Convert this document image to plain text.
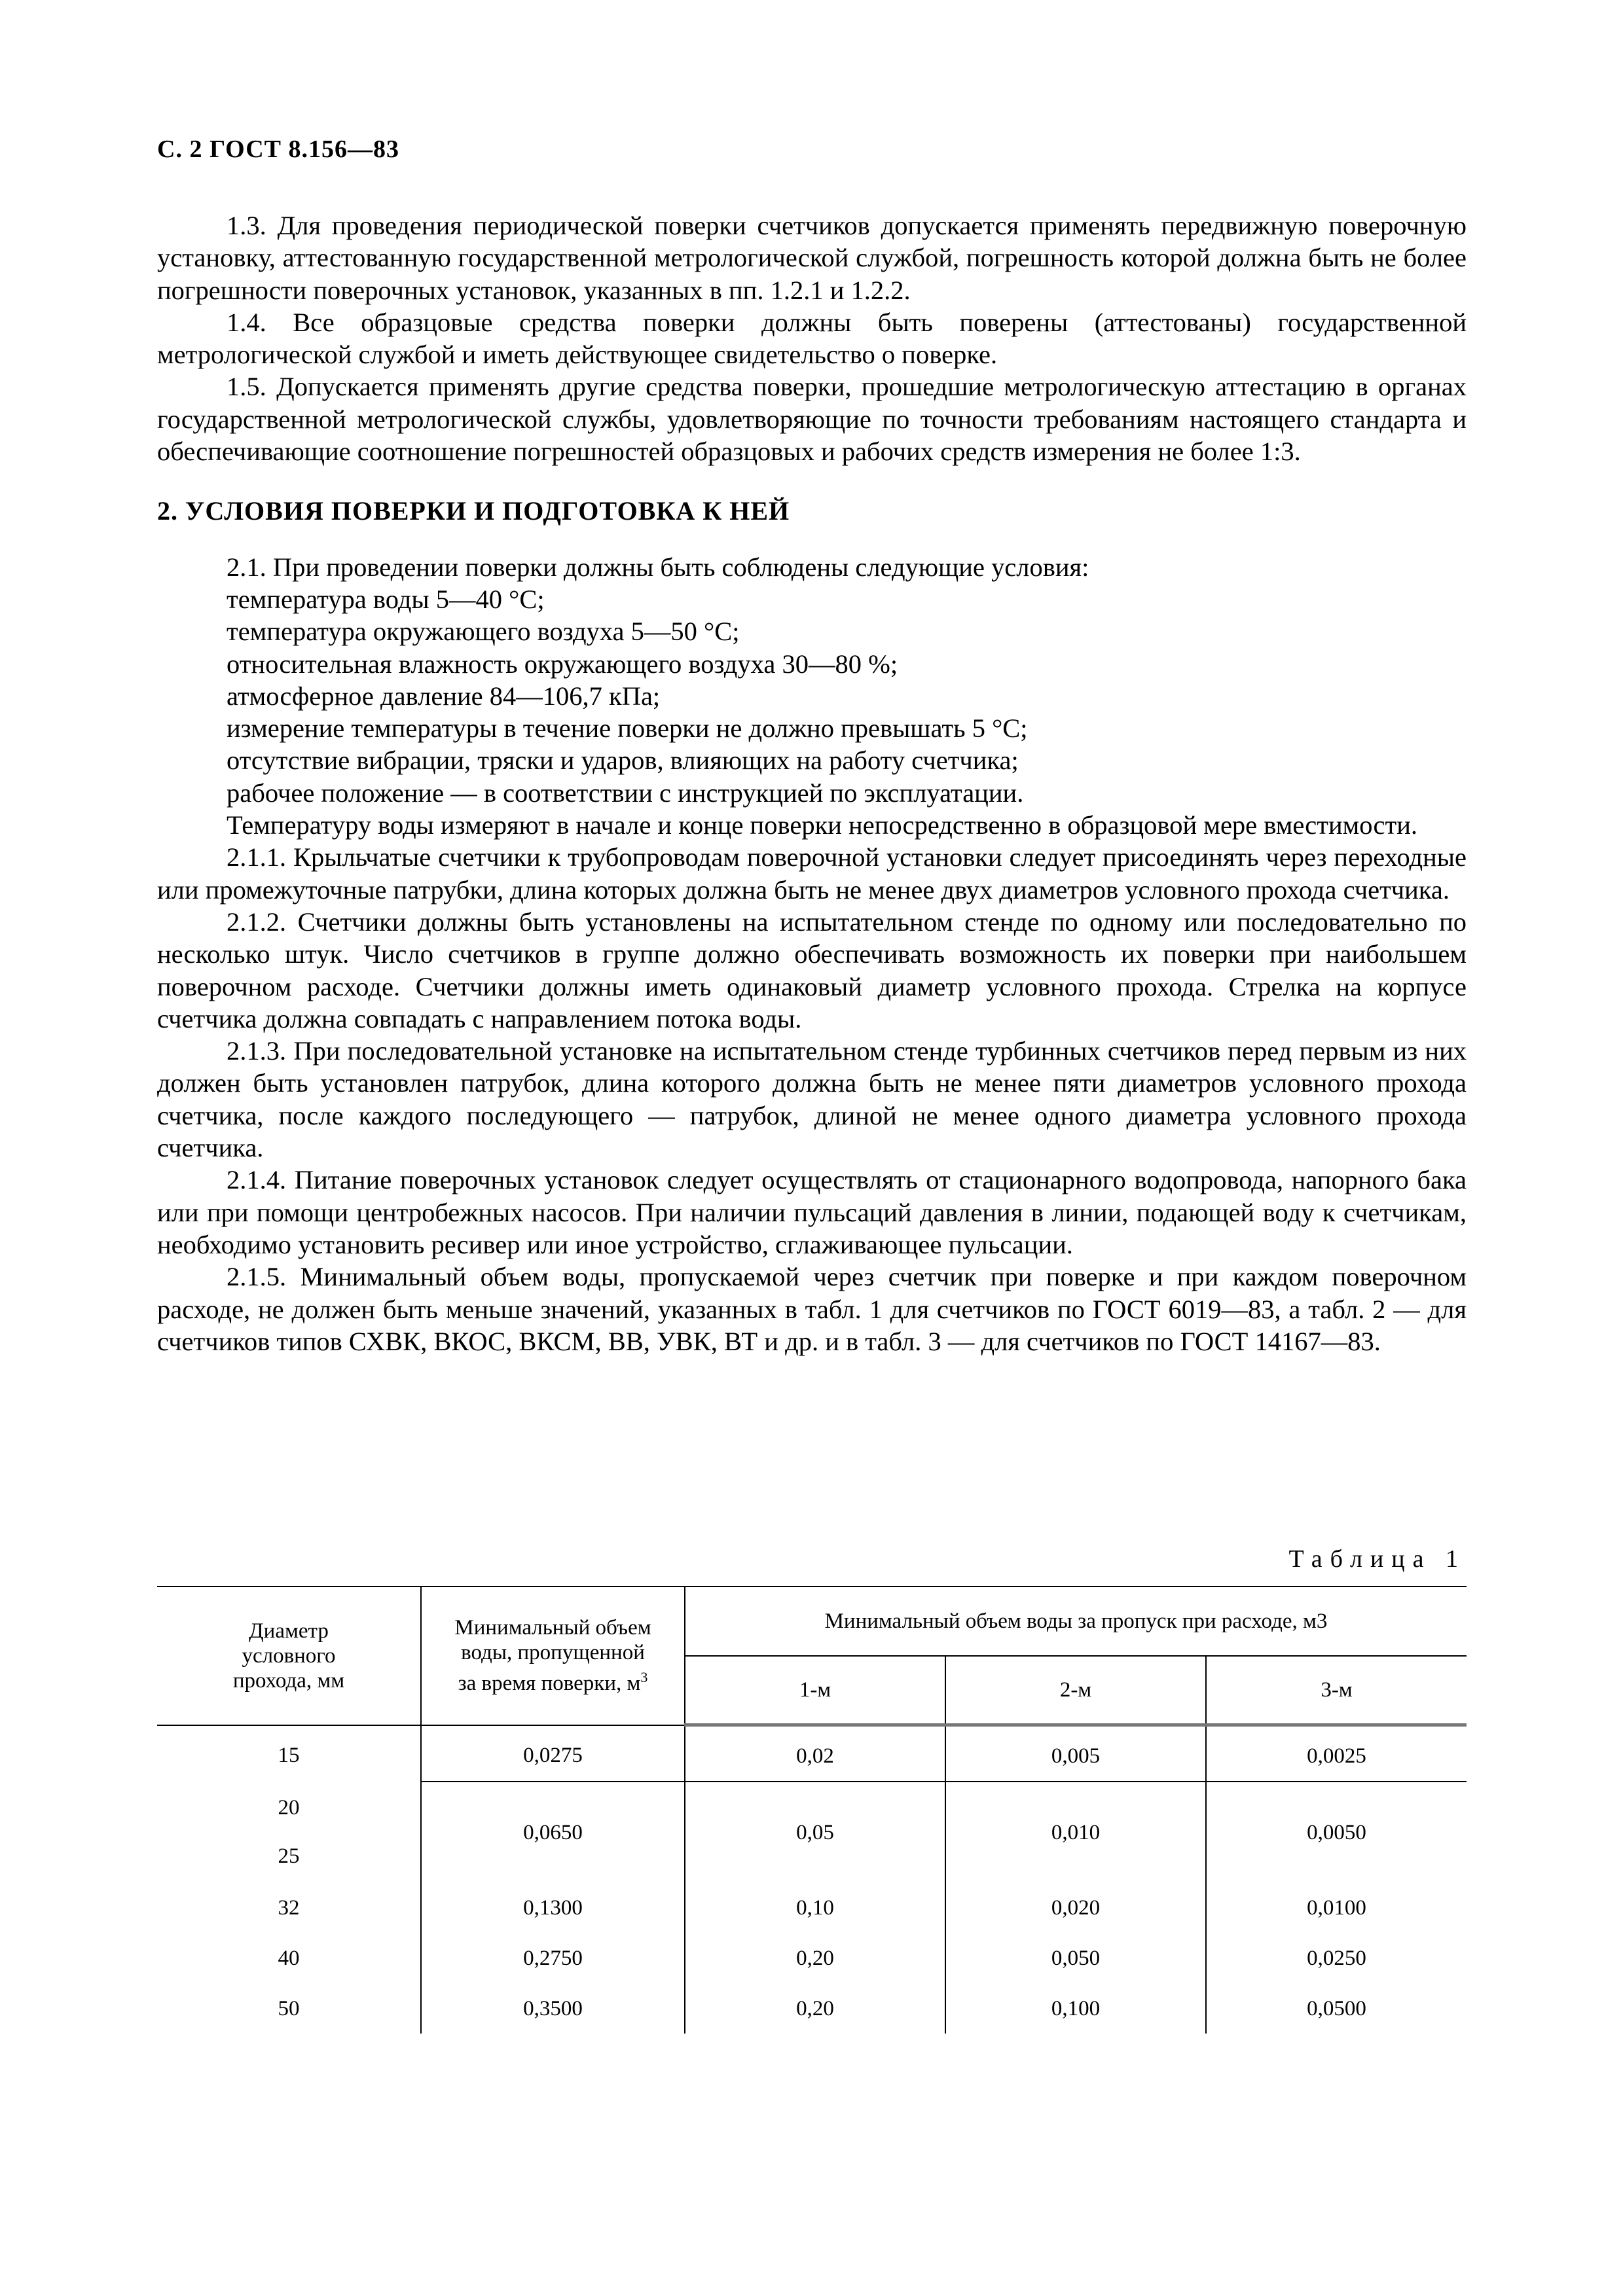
С. 2 ГОСТ 8.156—83

1.3. Для проведения периодической поверки счетчиков допускается применять передвижную поверочную установку, аттестованную государственной метрологической службой, погрешность которой должна быть не более погрешности поверочных установок, указанных в пп. 1.2.1 и 1.2.2.

1.4. Все образцовые средства поверки должны быть поверены (аттестованы) государственной метрологической службой и иметь действующее свидетельство о поверке.

1.5. Допускается применять другие средства поверки, прошедшие метрологическую аттестацию в органах государственной метрологической службы, удовлетворяющие по точности требованиям настоящего стандарта и обеспечивающие соотношение погрешностей образцовых и рабочих средств измерения не более 1:3.

2. УСЛОВИЯ ПОВЕРКИ И ПОДГОТОВКА К НЕЙ

2.1. При проведении поверки должны быть соблюдены следующие условия:

температура воды 5—40 °С;

температура окружающего воздуха 5—50 °С;

относительная влажность окружающего воздуха 30—80 %;

атмосферное давление 84—106,7 кПа;

измерение температуры в течение поверки не должно превышать 5 °С;

отсутствие вибрации, тряски и ударов, влияющих на работу счетчика;

рабочее положение — в соответствии с инструкцией по эксплуатации.

Температуру воды измеряют в начале и конце поверки непосредственно в образцовой мере вместимости.

2.1.1. Крыльчатые счетчики к трубопроводам поверочной установки следует присоединять через переходные или промежуточные патрубки, длина которых должна быть не менее двух диаметров условного прохода счетчика.

2.1.2. Счетчики должны быть установлены на испытательном стенде по одному или последовательно по несколько штук. Число счетчиков в группе должно обеспечивать возможность их поверки при наибольшем поверочном расходе. Счетчики должны иметь одинаковый диаметр условного прохода. Стрелка на корпусе счетчика должна совпадать с направлением потока воды.

2.1.3. При последовательной установке на испытательном стенде турбинных счетчиков перед первым из них должен быть установлен патрубок, длина которого должна быть не менее пяти диаметров условного прохода счетчика, после каждого последующего — патрубок, длиной не менее одного диаметра условного прохода счетчика.

2.1.4. Питание поверочных установок следует осуществлять от стационарного водопровода, напорного бака или при помощи центробежных насосов. При наличии пульсаций давления в линии, подающей воду к счетчикам, необходимо установить ресивер или иное устройство, сглаживающее пульсации.

2.1.5. Минимальный объем воды, пропускаемой через счетчик при поверке и при каждом поверочном расходе, не должен быть меньше значений, указанных в табл. 1 для счетчиков по ГОСТ 6019—83, а табл. 2 — для счетчиков типов СХВК, ВКОС, ВКСМ, ВВ, УВК, ВТ и др. и в табл. 3 — для счетчиков по ГОСТ 14167—83.

Таблица 1
Диаметр условного прохода, мм	Минимальный объем
воды, пропущенной
за время поверки, $м^3$	Минимальный объем воды за пропуск при расходе, м3		
		1-м	2-м	3-м
15	0,0275	0,02	0,005	0,0025

20
25	0,0650	0,05	0,010	0,0050
32	0,1300	0,10	0,020	0,0100
40	0,2750	0,20	0,050	0,0250
50	0,3500	0,20	0,100	0,0500
